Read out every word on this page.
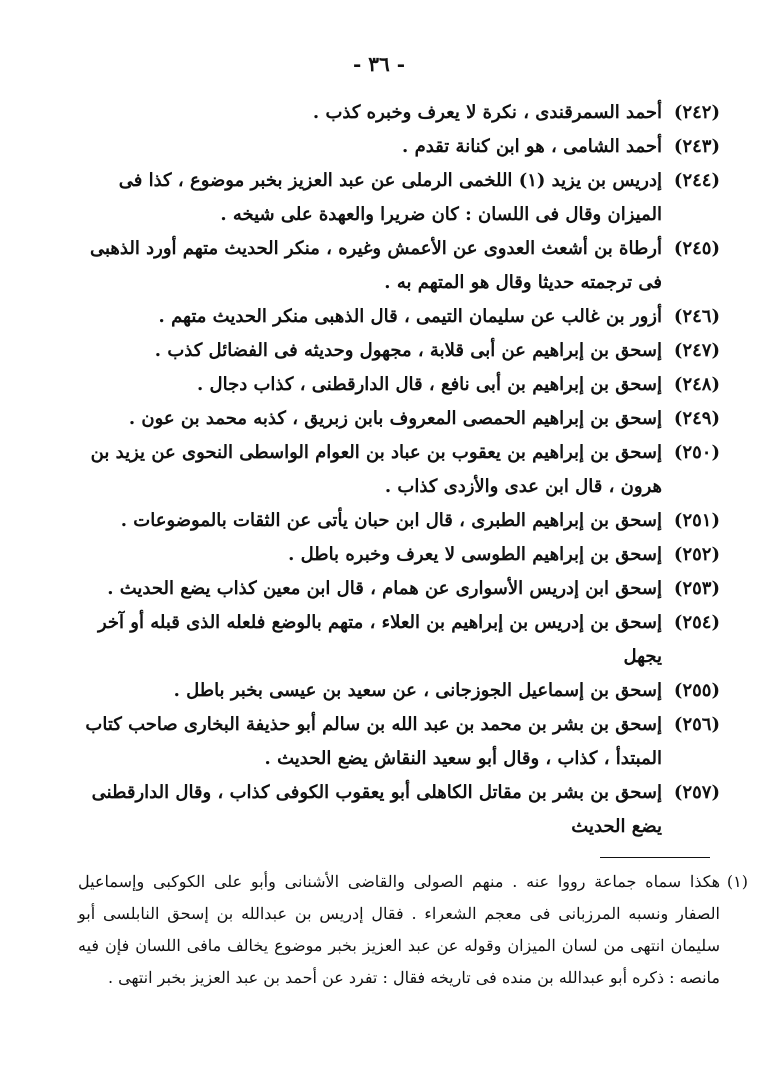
- ٣٦ -
(٢٤٢)أحمد السمرقندى ، نكرة لا يعرف وخبره كذب .
(٢٤٣)أحمد الشامى ، هو ابن كنانة تقدم .
(٢٤٤)إدريس بن يزيد (١) اللخمى الرملى عن عبد العزيز بخبر موضوع ، كذا فى الميزان وقال فى اللسان : كان ضريرا والعهدة على شيخه .
(٢٤٥)أرطاة بن أشعث العدوى عن الأعمش وغيره ، منكر الحديث متهم أورد الذهبى فى ترجمته حديثا وقال هو المتهم به .
(٢٤٦)أزور بن غالب عن سليمان التيمى ، قال الذهبى منكر الحديث متهم .
(٢٤٧)إسحق بن إبراهيم عن أبى قلابة ، مجهول وحديثه فى الفضائل كذب .
(٢٤٨)إسحق بن إبراهيم بن أبى نافع ، قال الدارقطنى ، كذاب دجال .
(٢٤٩)إسحق بن إبراهيم الحمصى المعروف بابن زبريق ، كذبه محمد بن عون .
(٢٥٠)إسحق بن إبراهيم بن يعقوب بن عباد بن العوام الواسطى النحوى عن يزيد بن هرون ، قال ابن عدى والأزدى كذاب .
(٢٥١)إسحق بن إبراهيم الطبرى ، قال ابن حبان يأتى عن الثقات بالموضوعات .
(٢٥٢)إسحق بن إبراهيم الطوسى لا يعرف وخبره باطل .
(٢٥٣)إسحق ابن إدريس الأسوارى عن همام ، قال ابن معين كذاب يضع الحديث .
(٢٥٤)إسحق بن إدريس بن إبراهيم بن العلاء ، متهم بالوضع فلعله الذى قبله أو آخر يجهل
(٢٥٥)إسحق بن إسماعيل الجوزجانى ، عن سعيد بن عيسى بخبر باطل .
(٢٥٦)إسحق بن بشر بن محمد بن عبد الله بن سالم أبو حذيفة البخارى صاحب كتاب المبتدأ ، كذاب ، وقال أبو سعيد النقاش يضع الحديث .
(٢٥٧)إسحق بن بشر بن مقاتل الكاهلى أبو يعقوب الكوفى كذاب ، وقال الدارقطنى يضع الحديث
(١)هكذا سماه جماعة رووا عنه . منهم الصولى والقاضى الأشنانى وأبو على الكوكبى وإسماعيل الصفار ونسبه المرزبانى فى معجم الشعراء . فقال إدريس بن عبدالله بن إسحق النابلسى أبو سليمان انتهى من لسان الميزان وقوله عن عبد العزيز بخبر موضوع يخالف مافى اللسان فإن فيه مانصه : ذكره أبو عبدالله بن منده فى تاريخه فقال : تفرد عن أحمد بن عبد العزيز بخبر انتهى .
